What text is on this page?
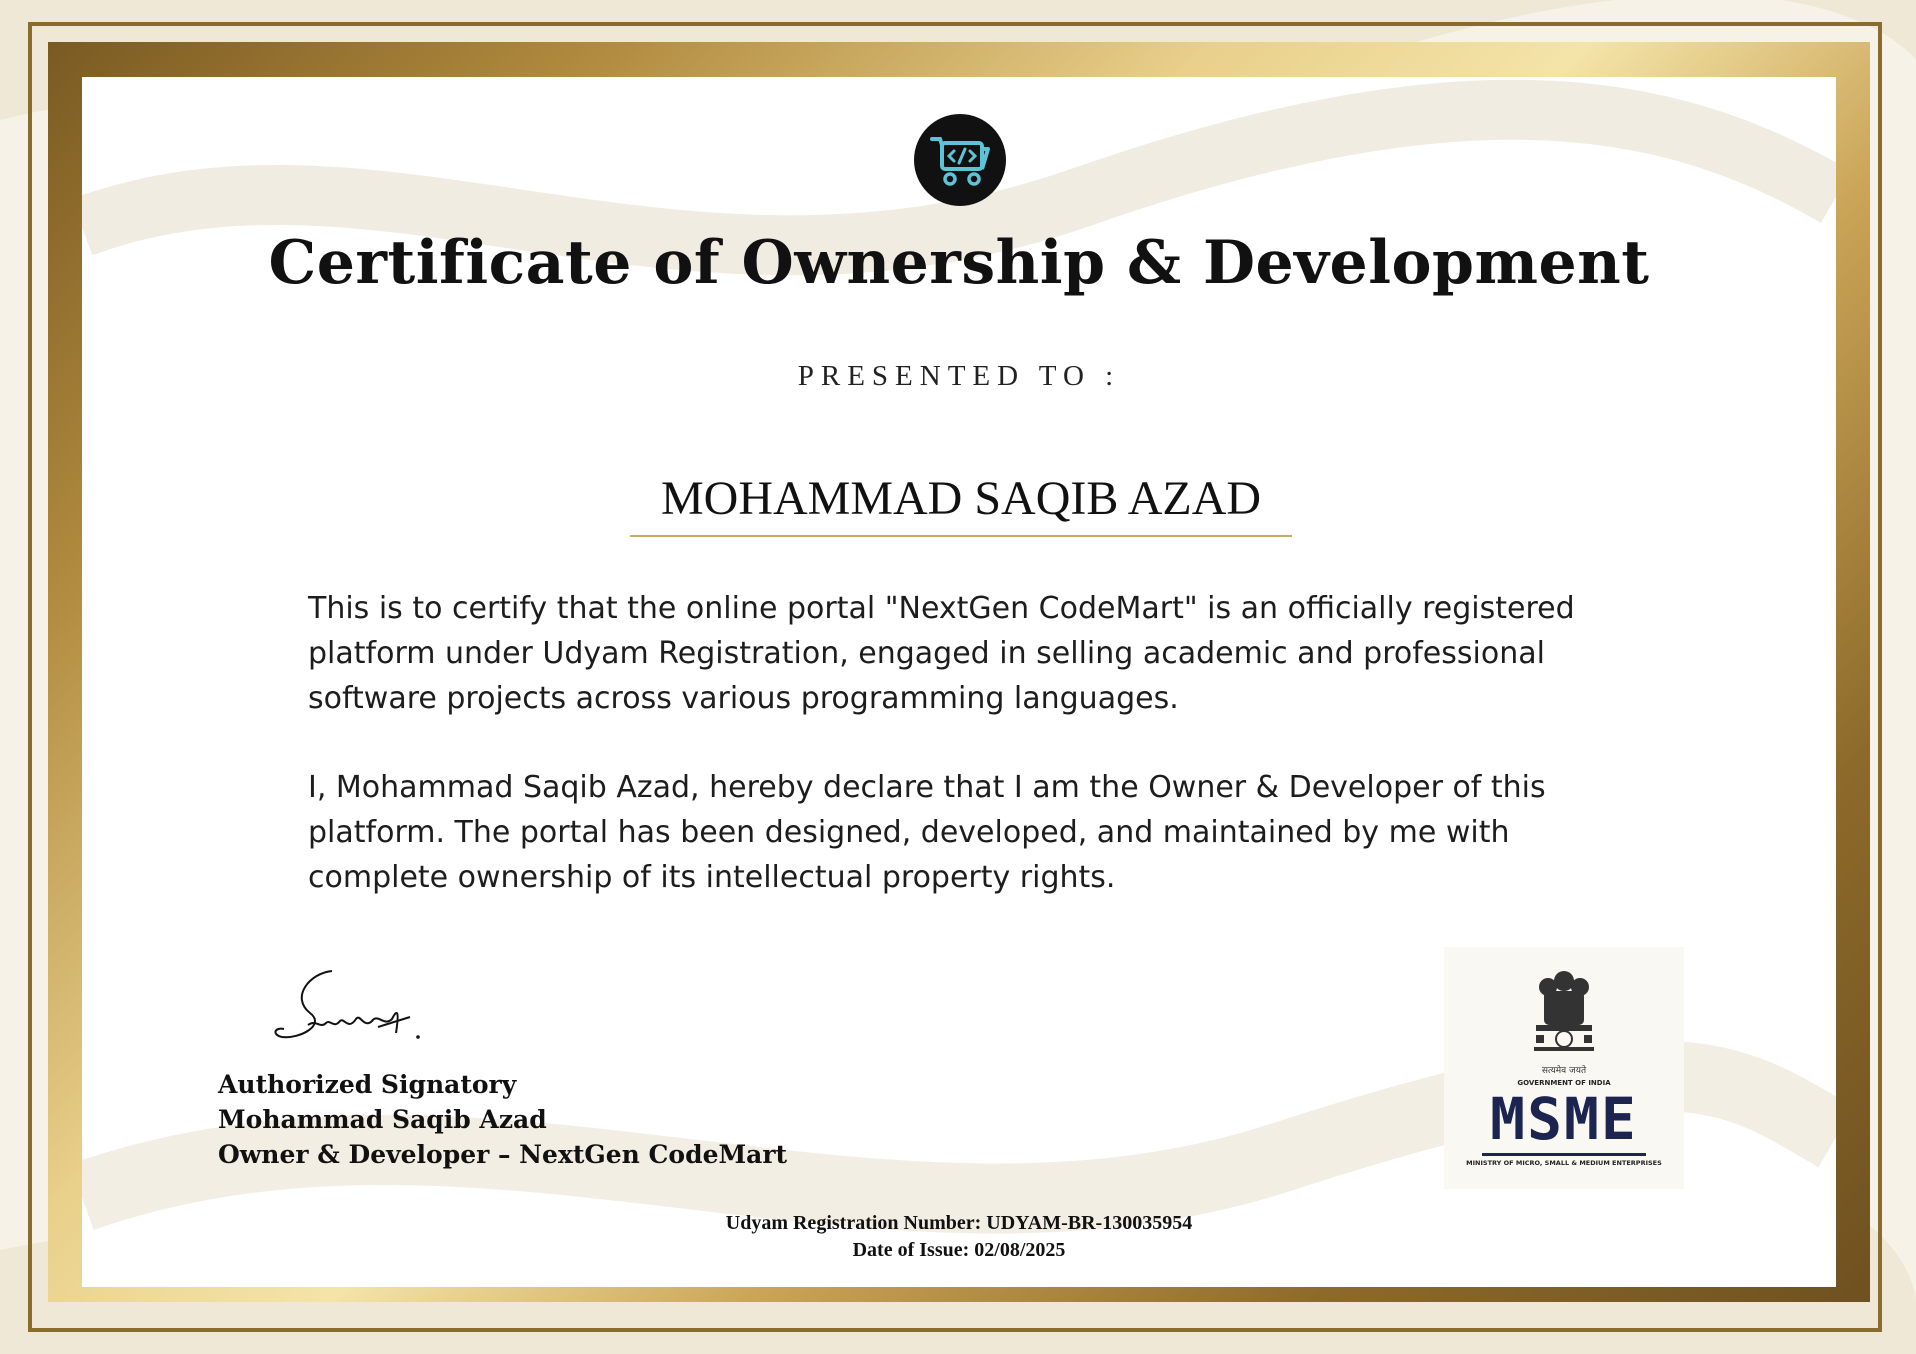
Certificate of Ownership & Development
PRESENTED TO :
MOHAMMAD SAQIB AZAD

This is to certify that the online portal "NextGen CodeMart" is an officially registered platform under Udyam Registration, engaged in selling academic and professional software projects across various programming languages.

I, Mohammad Saqib Azad, hereby declare that I am the Owner & Developer of this platform. The portal has been designed, developed, and maintained by me with complete ownership of its intellectual property rights.

Authorized Signatory
Mohammad Saqib Azad
Owner & Developer – NextGen CodeMart
सत्यमेव जयते
GOVERNMENT OF INDIA
MSME
MINISTRY OF MICRO, SMALL & MEDIUM ENTERPRISES
Udyam Registration Number: UDYAM-BR-130035954
Date of Issue: 02/08/2025
